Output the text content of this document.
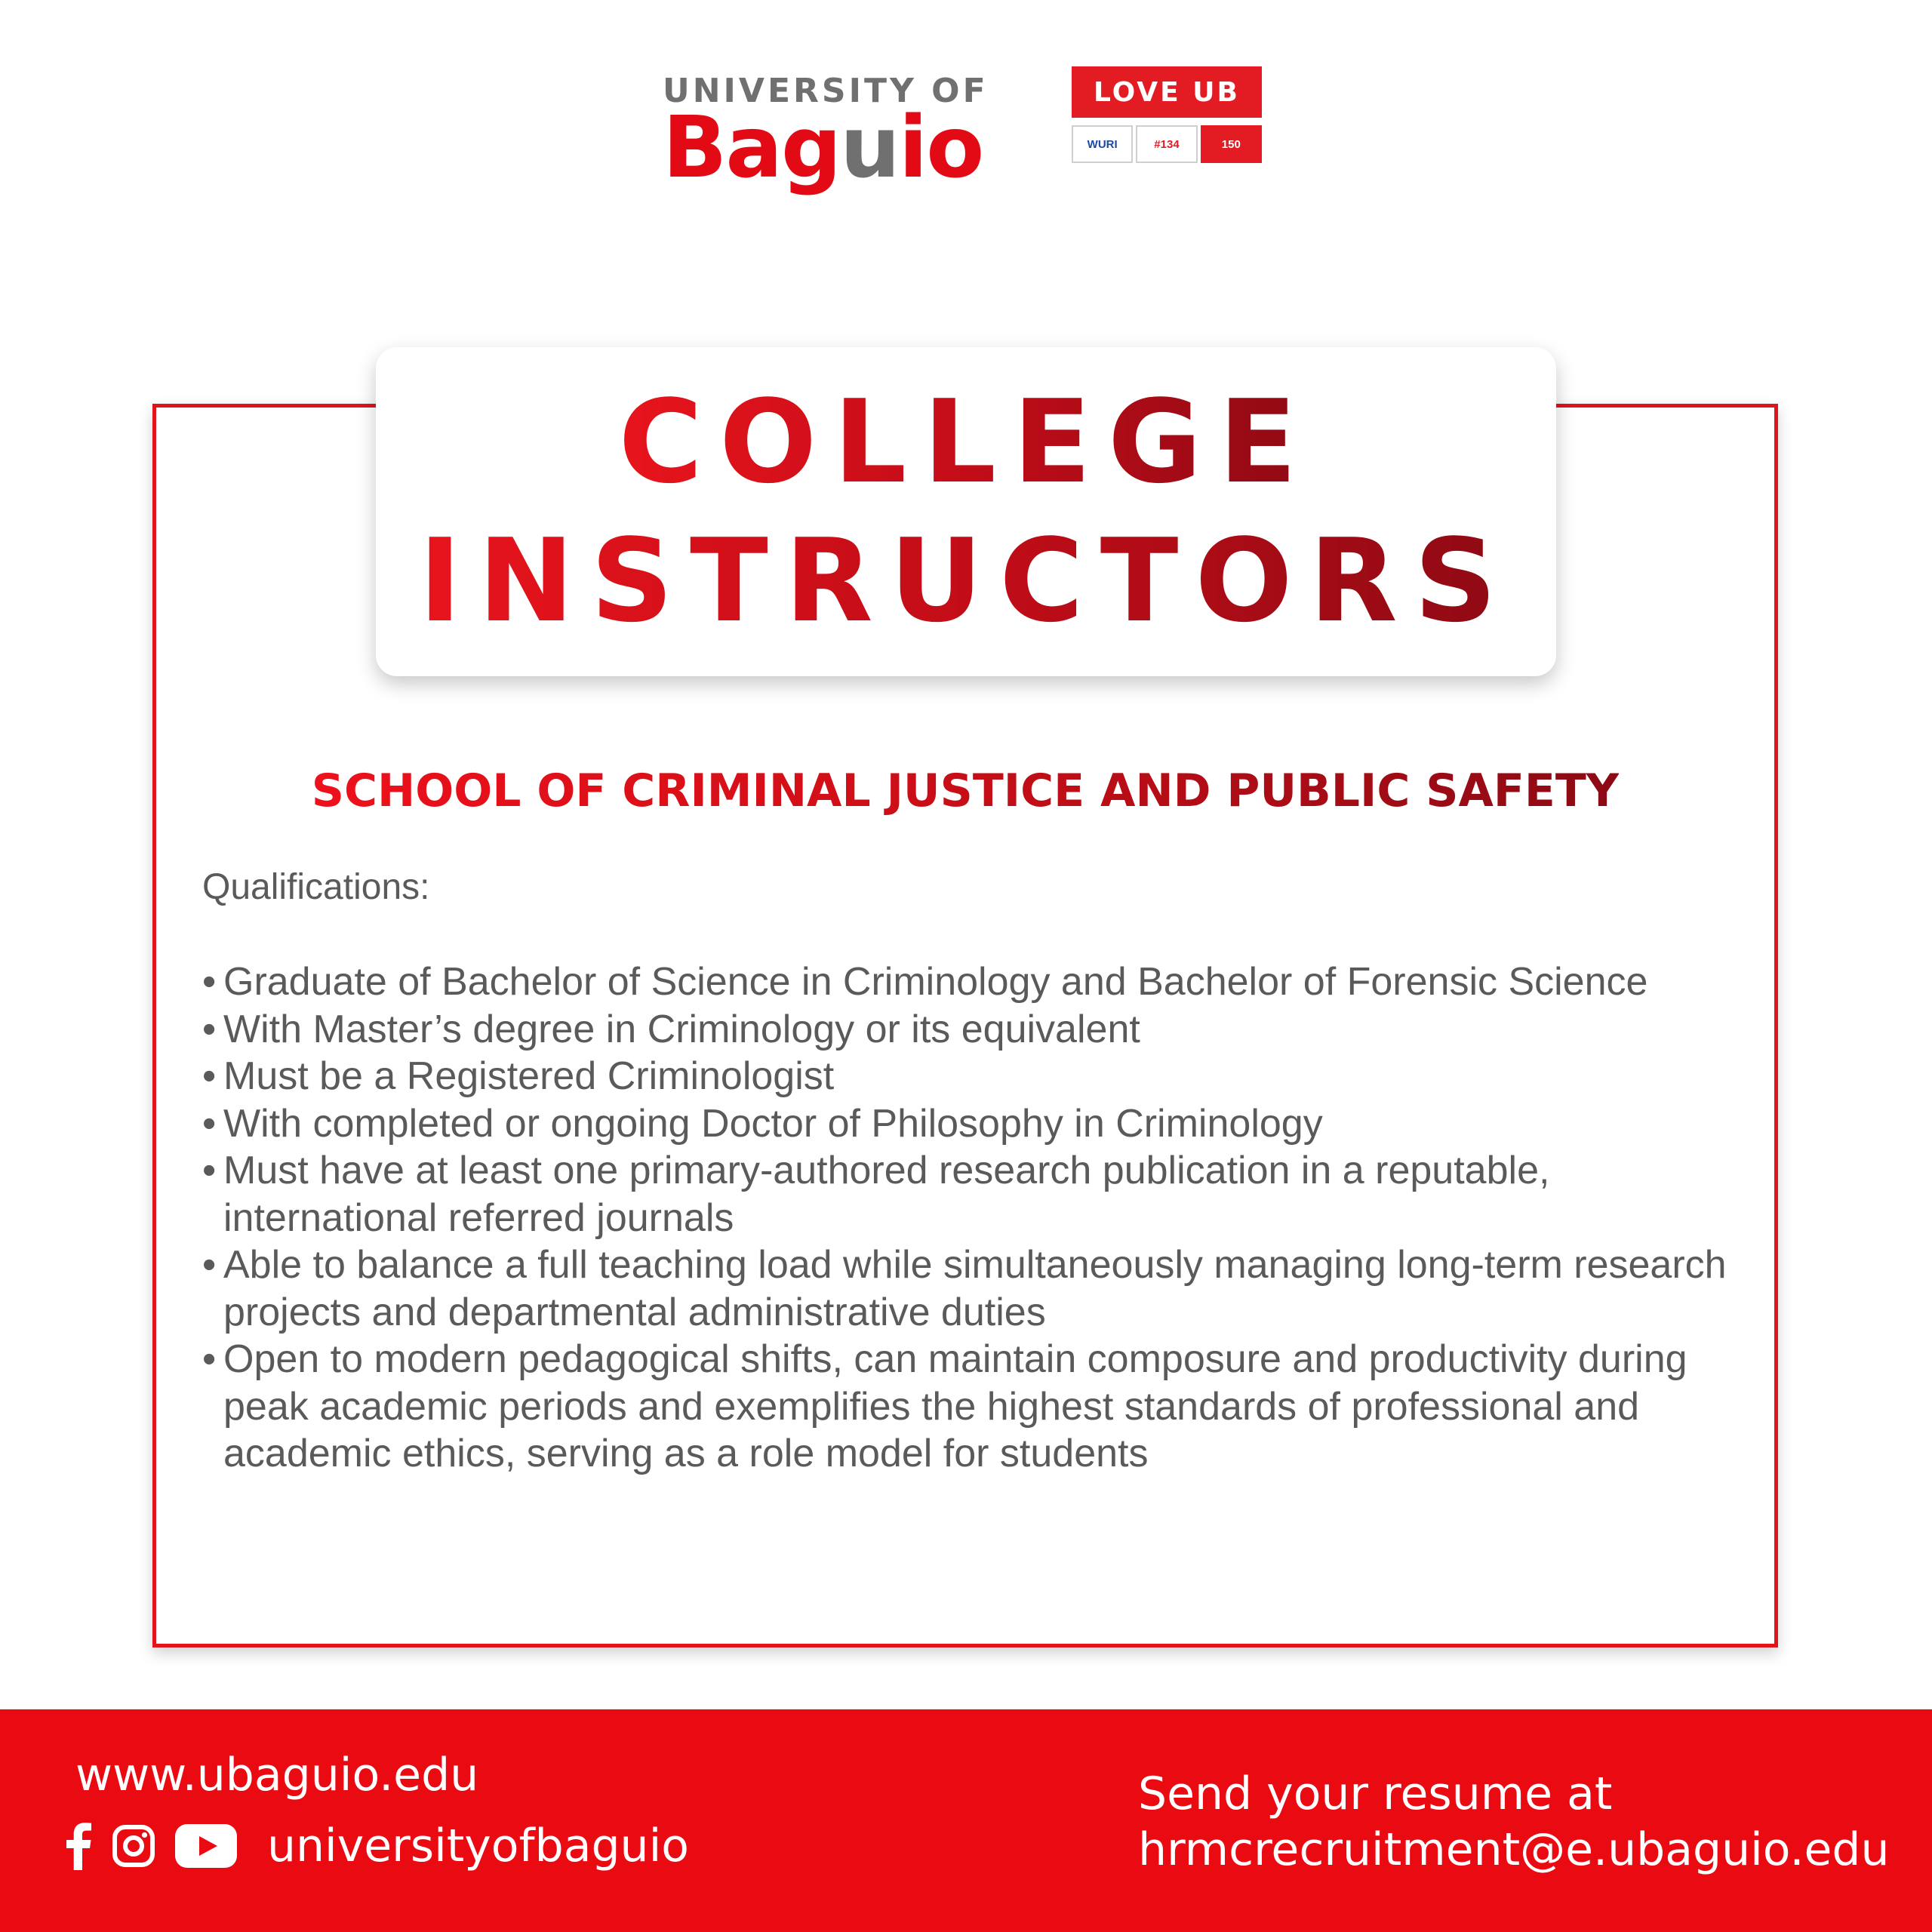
UNIVERSITY OF
Baguio
LOVE UB
WURI	#134	150
COLLEGE
INSTRUCTORS
SCHOOL OF CRIMINAL JUSTICE AND PUBLIC SAFETY
Qualifications:
• Graduate of Bachelor of Science in Criminology and Bachelor of Forensic Science
• With Master’s degree in Criminology or its equivalent
• Must be a Registered Criminologist
• With completed or ongoing Doctor of Philosophy in Criminology
• Must have at least one primary-authored research publication in a reputable, international referred journals
• Able to balance a full teaching load while simultaneously managing long-term research projects and departmental administrative duties
• Open to modern pedagogical shifts, can maintain composure and productivity during peak academic periods and exemplifies the highest standards of professional and academic ethics, serving as a role model for students
www.ubaguio.edu
universityofbaguio
Send your resume at
hrmcrecruitment@e.ubaguio.edu
